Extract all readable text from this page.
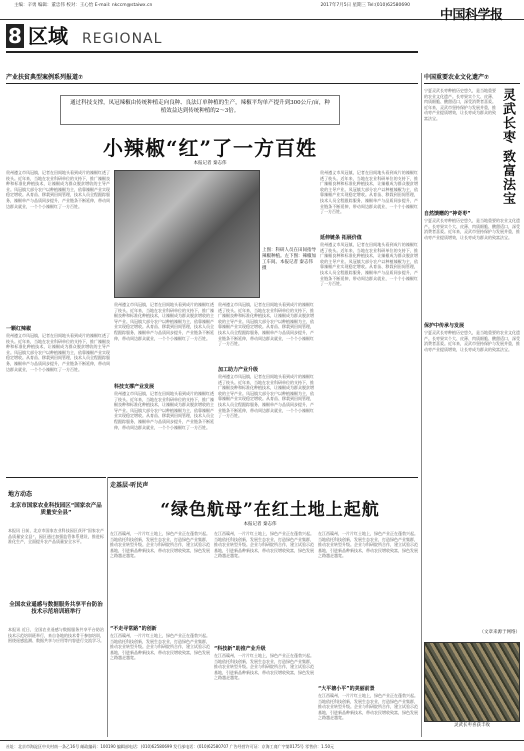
主编：辛勇 编辑：董忠伟 校对：王心怡 E-mail: nkccm@staiwx.cn	2017年7月5日 星期三 Tel:(010)62580690
中国科学报
8 区域 REGIONAL
产业扶贫典型案例系列报道⑦
通过科技支撑，凤冠辣椒由传统种植走向良种、良法订单种植的生产，辣椒平均单产提升到300公斤/亩，种植效益达到传统种植的2～3倍。
小辣椒“红”了一方百姓
本报记者 秦志伟
贵州遵义市凤冠镇，记者在田间地头看到成片的辣椒红透了枝头。近年来，当地在农业科研单位的支持下，推广辣椒良种和标准化种植技术，让辣椒成为群众脱贫增收的主导产业。凤冠镇大部分农户以种植辣椒为主，依靠辣椒产业实现稳定增收。从育苗、移栽到田间管理，技术人员全程跟踪服务，辣椒单产与品质同步提升，产业链条不断延伸，带动周边群众就业，一个个小辣椒红了一方百姓。
一颗红辣椒
贵州遵义市凤冠镇，记者在田间地头看到成片的辣椒红透了枝头。近年来，当地在农业科研单位的支持下，推广辣椒良种和标准化种植技术，让辣椒成为群众脱贫增收的主导产业。凤冠镇大部分农户以种植辣椒为主，依靠辣椒产业实现稳定增收。从育苗、移栽到田间管理，技术人员全程跟踪服务，辣椒单产与品质同步提升，产业链条不断延伸，带动周边群众就业，一个个小辣椒红了一方百姓。
上图：科研人员在田间指导辣椒种植。左下图：辣椒加工车间。本报记者 秦志伟摄
贵州遵义市凤冠镇，记者在田间地头看到成片的辣椒红透了枝头。近年来，当地在农业科研单位的支持下，推广辣椒良种和标准化种植技术，让辣椒成为群众脱贫增收的主导产业。凤冠镇大部分农户以种植辣椒为主，依靠辣椒产业实现稳定增收。从育苗、移栽到田间管理，技术人员全程跟踪服务，辣椒单产与品质同步提升，产业链条不断延伸，带动周边群众就业，一个个小辣椒红了一方百姓。
科技支撑产业发展
贵州遵义市凤冠镇，记者在田间地头看到成片的辣椒红透了枝头。近年来，当地在农业科研单位的支持下，推广辣椒良种和标准化种植技术，让辣椒成为群众脱贫增收的主导产业。凤冠镇大部分农户以种植辣椒为主，依靠辣椒产业实现稳定增收。从育苗、移栽到田间管理，技术人员全程跟踪服务，辣椒单产与品质同步提升，产业链条不断延伸，带动周边群众就业，一个个小辣椒红了一方百姓。
贵州遵义市凤冠镇，记者在田间地头看到成片的辣椒红透了枝头。近年来，当地在农业科研单位的支持下，推广辣椒良种和标准化种植技术，让辣椒成为群众脱贫增收的主导产业。凤冠镇大部分农户以种植辣椒为主，依靠辣椒产业实现稳定增收。从育苗、移栽到田间管理，技术人员全程跟踪服务，辣椒单产与品质同步提升，产业链条不断延伸，带动周边群众就业，一个个小辣椒红了一方百姓。
加工助力产业升级
贵州遵义市凤冠镇，记者在田间地头看到成片的辣椒红透了枝头。近年来，当地在农业科研单位的支持下，推广辣椒良种和标准化种植技术，让辣椒成为群众脱贫增收的主导产业。凤冠镇大部分农户以种植辣椒为主，依靠辣椒产业实现稳定增收。从育苗、移栽到田间管理，技术人员全程跟踪服务，辣椒单产与品质同步提升，产业链条不断延伸，带动周边群众就业，一个个小辣椒红了一方百姓。
贵州遵义市凤冠镇，记者在田间地头看到成片的辣椒红透了枝头。近年来，当地在农业科研单位的支持下，推广辣椒良种和标准化种植技术，让辣椒成为群众脱贫增收的主导产业。凤冠镇大部分农户以种植辣椒为主，依靠辣椒产业实现稳定增收。从育苗、移栽到田间管理，技术人员全程跟踪服务，辣椒单产与品质同步提升，产业链条不断延伸，带动周边群众就业，一个个小辣椒红了一方百姓。
延伸链条 拓展价值
贵州遵义市凤冠镇，记者在田间地头看到成片的辣椒红透了枝头。近年来，当地在农业科研单位的支持下，推广辣椒良种和标准化种植技术，让辣椒成为群众脱贫增收的主导产业。凤冠镇大部分农户以种植辣椒为主，依靠辣椒产业实现稳定增收。从育苗、移栽到田间管理，技术人员全程跟踪服务，辣椒单产与品质同步提升，产业链条不断延伸，带动周边群众就业，一个个小辣椒红了一方百姓。
中国重要农业文化遗产⑦
灵武长枣 致富法宝
宁夏灵武长枣种植历史悠久，是当地重要的农业文化遗产。长枣果实个大、皮薄、肉质细脆、酸甜适口，深受消费者喜爱。近年来，灵武市坚持保护与发展并重，推动枣产业提质增效，让长枣成为群众的致富法宝。
自然馈赠的“神奇枣”
宁夏灵武长枣种植历史悠久，是当地重要的农业文化遗产。长枣果实个大、皮薄、肉质细脆、酸甜适口，深受消费者喜爱。近年来，灵武市坚持保护与发展并重，推动枣产业提质增效，让长枣成为群众的致富法宝。
保护中传承与发展
宁夏灵武长枣种植历史悠久，是当地重要的农业文化遗产。长枣果实个大、皮薄、肉质细脆、酸甜适口，深受消费者喜爱。近年来，灵武市坚持保护与发展并重，推动枣产业提质增效，让长枣成为群众的致富法宝。
灵武长枣喜获丰收
（文章来源于网络）
走基层·听民声
“绿色航母”在红土地上起航
本报记者 秦志伟
在江西赣州，一片片红土地上，绿色产业正在蓬勃兴起。当地依托科技创新，发展生态农业，打造绿色产业集群，推动农业转型升级。企业与科研院所合作，建立试验示范基地，引进新品种新技术，带动农民增收致富，绿色发展之路越走越宽。
“不走寻常路”的创新
在江西赣州，一片片红土地上，绿色产业正在蓬勃兴起。当地依托科技创新，发展生态农业，打造绿色产业集群，推动农业转型升级。企业与科研院所合作，建立试验示范基地，引进新品种新技术，带动农民增收致富，绿色发展之路越走越宽。
在江西赣州，一片片红土地上，绿色产业正在蓬勃兴起。当地依托科技创新，发展生态农业，打造绿色产业集群，推动农业转型升级。企业与科研院所合作，建立试验示范基地，引进新品种新技术，带动农民增收致富，绿色发展之路越走越宽。
“科技新”助推产业升级
在江西赣州，一片片红土地上，绿色产业正在蓬勃兴起。当地依托科技创新，发展生态农业，打造绿色产业集群，推动农业转型升级。企业与科研院所合作，建立试验示范基地，引进新品种新技术，带动农民增收致富，绿色发展之路越走越宽。
在江西赣州，一片片红土地上，绿色产业正在蓬勃兴起。当地依托科技创新，发展生态农业，打造绿色产业集群，推动农业转型升级。企业与科研院所合作，建立试验示范基地，引进新品种新技术，带动农民增收致富，绿色发展之路越走越宽。
“大平塘小平”的美丽前景
在江西赣州，一片片红土地上，绿色产业正在蓬勃兴起。当地依托科技创新，发展生态农业，打造绿色产业集群，推动农业转型升级。企业与科研院所合作，建立试验示范基地，引进新品种新技术，带动农民增收致富，绿色发展之路越走越宽。
地方动态
北京市国家农业科技园区“国家农产品质量安全县”
本报讯 日前，北京市国家农业科技园区获评“国家农产品质量安全县”，园区通过加强监管体系建设，推进标准化生产，全面提升农产品质量安全水平。
全国农业遥感与数据服务共享平台防治技术示范培训班举行
本报讯 近日，全国农业遥感与数据服务共享平台防治技术示范培训班举行，来自各地的技术骨干参加培训，围绕遥感监测、数据共享与应用等内容进行交流学习。
社址：北京市海淀区中关村南一条乙16号 邮政编码：100190 编辑部电话：(010)62580699 发行部电话：(010)62580707 广告经营许可证：京海工商广字第0175号 零售价：1.50元
